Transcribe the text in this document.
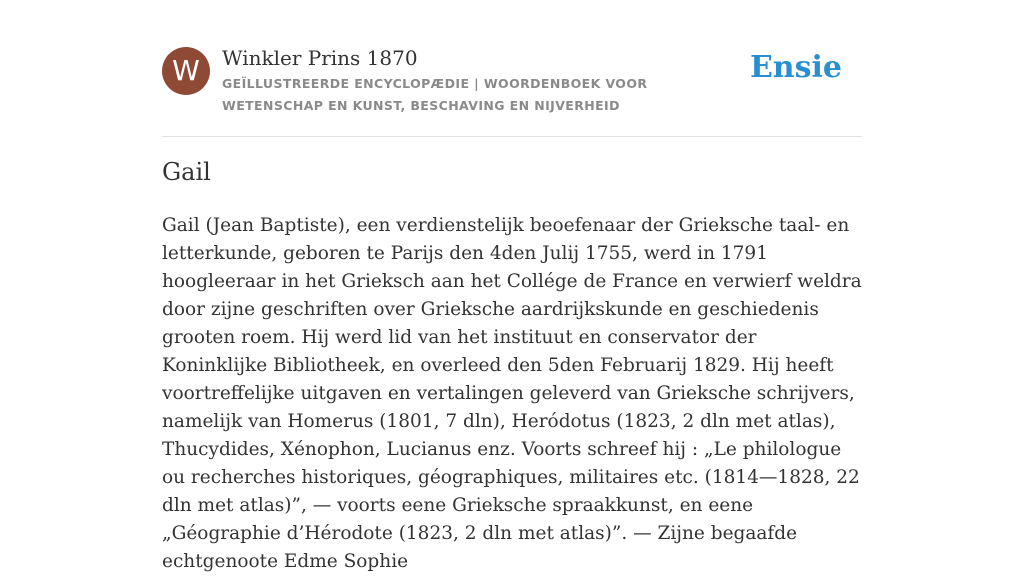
W	Winkler Prins 1870
GEÏLLUSTREERDE ENCYCLOPÆDIE | WOORDENBOEK VOOR WETENSCHAP EN KUNST, BESCHAVING EN NIJVERHEID
Ensie
Gail

Gail (Jean Baptiste), een verdienstelijk beoefenaar der Grieksche taal- en letterkunde, geboren te Parijs den 4den Julij 1755, werd in 1791 hoogleeraar in het Grieksch aan het Collége de France en verwierf weldra door zijne geschriften over Grieksche aardrijkskunde en geschiedenis grooten roem. Hij werd lid van het instituut en conservator der Koninklijke Bibliotheek, en overleed den 5den Februarij 1829. Hij heeft voortreffelijke uitgaven en vertalingen geleverd van Grieksche schrijvers, namelijk van Homerus (1801, 7 dln), Heródotus (1823, 2 dln met atlas), Thucydides, Xénophon, Lucianus enz. Voorts schreef hij : „Le philologue ou recherches historiques, géographiques, militaires etc. (1814—1828, 22 dln met atlas)”, — voorts eene Grieksche spraakkunst, en eene „Géographie d’Hérodote (1823, 2 dln met atlas)”. — Zijne begaafde echtgenoote Edme Sophie
